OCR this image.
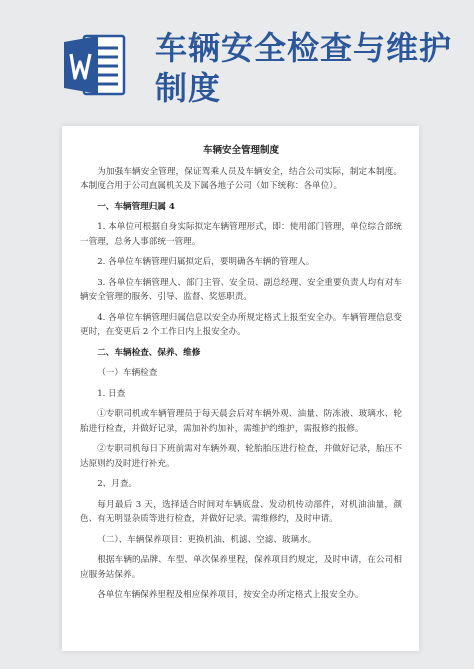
车辆安全检查与维护制度
车辆安全管理制度
为加强车辆安全管理，保证驾乘人员及车辆安全，结合公司实际，制定本制度。本制度合用于公司直属机关及下属各地子公司（如下统称：各单位）。
一、车辆管理归属 4
1. 本单位可根据自身实际拟定车辆管理形式，即：使用部门管理，单位综合部统一管理，总务人事部统一管理。
2. 各单位车辆管理归属拟定后，要明确各车辆的管理人。
3. 各单位车辆管理人、部门主管、安全员、副总经理、安全重要负责人均有对车辆安全管理的服务、引导、监督、奖惩职责。
4. 各单位车辆管理归属信息以安全办所规定格式上报至安全办。车辆管理信息变更时，在变更后 2 个工作日内上报安全办。
二、车辆检查、保养、维修
（一）车辆检查
1. 日查
①专职司机或车辆管理员于每天晨会后对车辆外观、油量、防冻液、玻璃水、轮胎进行检查，并做好记录，需加补约加补，需维护约维护，需报修约报修。
②专职司机每日下班前需对车辆外观、轮胎胎压进行检查，并做好记录，胎压不达原则约及时进行补充。
2、月查。
每月最后 3 天，选择适合时间对车辆底盘、发动机传动部件，对机油油量，颜色、有无明显杂质等进行检查，并做好记录。需维修约，及时申请。
（二）、车辆保养项目：更换机油、机滤、空滤、玻璃水。
根据车辆的品牌、车型、单次保养里程，保养项目约规定，及时申请，在公司相应服务站保养。
各单位车辆保养里程及相应保养项目，按安全办所定格式上报安全办。
